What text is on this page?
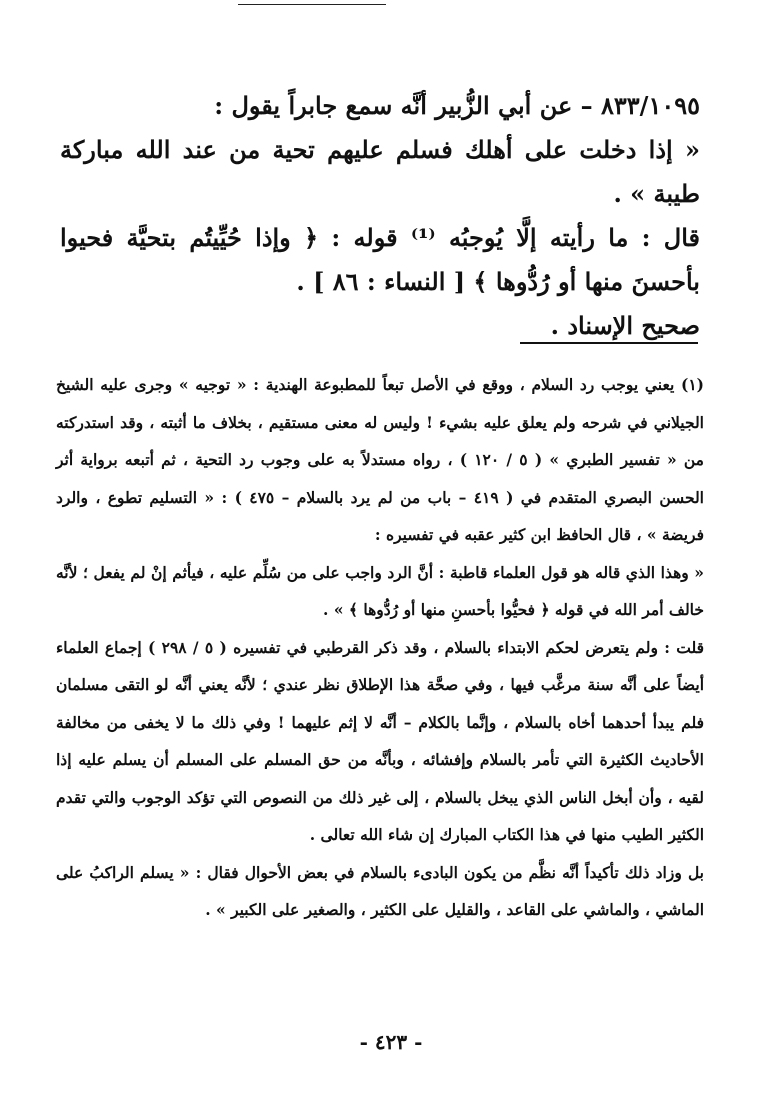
٨٣٣/١٠٩٥ – عن أبي الزُّبير أنَّه سمع جابراً يقول :

« إذا دخلت على أهلك فسلم عليهم تحية من عند الله مباركة طيبة » .

قال : ما رأيته إلَّا يُوجبُه ⁽¹⁾ قوله : ﴿ وإذا حُيِّيتُم بتحيَّة فحيوا بأحسنَ منها أو رُدُّوها ﴾ [ النساء : ٨٦ ] .

صحيح الإسناد .

(١) يعني يوجب رد السلام ، ووقع في الأصل تبعاً للمطبوعة الهندية : « توجيه » وجرى عليه الشيخ الجيلاني في شرحه ولم يعلق عليه بشيء ! وليس له معنى مستقيم ، بخلاف ما أثبته ، وقد استدركته من « تفسير الطبري » ( ٥ / ١٢٠ ) ، رواه مستدلاً به على وجوب رد التحية ، ثم أتبعه برواية أثر الحسن البصري المتقدم في ( ٤١٩ – باب من لم يرد بالسلام – ٤٧٥ ) : « التسليم تطوع ، والرد فريضة » ، قال الحافظ ابن كثير عقبه في تفسيره :

« وهذا الذي قاله هو قول العلماء قاطبة : أنَّ الرد واجب على من سُلِّم عليه ، فيأثم إنْ لم يفعل ؛ لأنَّه خالف أمر الله في قوله ﴿ فحيُّوا بأحسنِ منها أو رُدُّوها ﴾ » .

قلت : ولم يتعرض لحكم الابتداء بالسلام ، وقد ذكر القرطبي في تفسيره ( ٥ / ٢٩٨ ) إجماع العلماء أيضاً على أنَّه سنة مرغَّب فيها ، وفي صحَّة هذا الإطلاق نظر عندي ؛ لأنَّه يعني أنَّه لو التقى مسلمان فلم يبدأ أحدهما أخاه بالسلام ، وإنَّما بالكلام – أنَّه لا إثم عليهما ! وفي ذلك ما لا يخفى من مخالفة الأحاديث الكثيرة التي تأمر بالسلام وإفشائه ، وبأنَّه من حق المسلم على المسلم أن يسلم عليه إذا لقيه ، وأن أبخل الناس الذي يبخل بالسلام ، إلى غير ذلك من النصوص التي تؤكد الوجوب والتي تقدم الكثير الطيب منها في هذا الكتاب المبارك إن شاء الله تعالى .

بل وزاد ذلك تأكيداً أنَّه نظَّم من يكون البادىء بالسلام في بعض الأحوال فقال : « يسلم الراكبُ على الماشي ، والماشي على القاعد ، والقليل على الكثير ، والصغير على الكبير » .

- ٤٢٣ -
